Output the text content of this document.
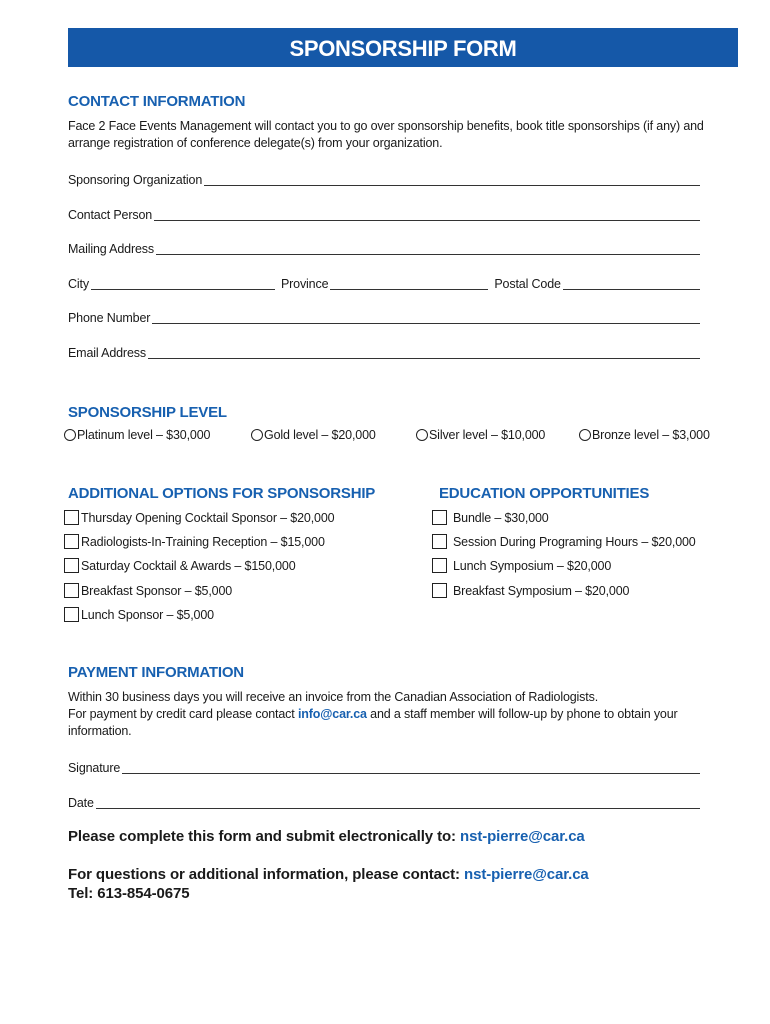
SPONSORSHIP FORM
CONTACT INFORMATION
Face 2 Face Events Management will contact you to go over sponsorship benefits, book title sponsorships (if any) and arrange registration of conference delegate(s) from your organization.
Sponsoring Organization
Contact Person
Mailing Address
City	Province	Postal Code
Phone Number
Email Address
SPONSORSHIP LEVEL
Platinum level – $30,000	Gold level – $20,000	Silver level – $10,000	Bronze level – $3,000
ADDITIONAL OPTIONS FOR SPONSORSHIP
Thursday Opening Cocktail Sponsor – $20,000
Radiologists-In-Training Reception – $15,000
Saturday Cocktail & Awards – $150,000
Breakfast Sponsor – $5,000
Lunch Sponsor – $5,000
EDUCATION OPPORTUNITIES
Bundle – $30,000
Session During Programing Hours – $20,000
Lunch Symposium – $20,000
Breakfast Symposium – $20,000
PAYMENT INFORMATION
Within 30 business days you will receive an invoice from the Canadian Association of Radiologists.
For payment by credit card please contact info@car.ca and a staff member will follow-up by phone to obtain your information.
Signature
Date
Please complete this form and submit electronically to: nst-pierre@car.ca
For questions or additional information, please contact: nst-pierre@car.ca
Tel: 613-854-0675
